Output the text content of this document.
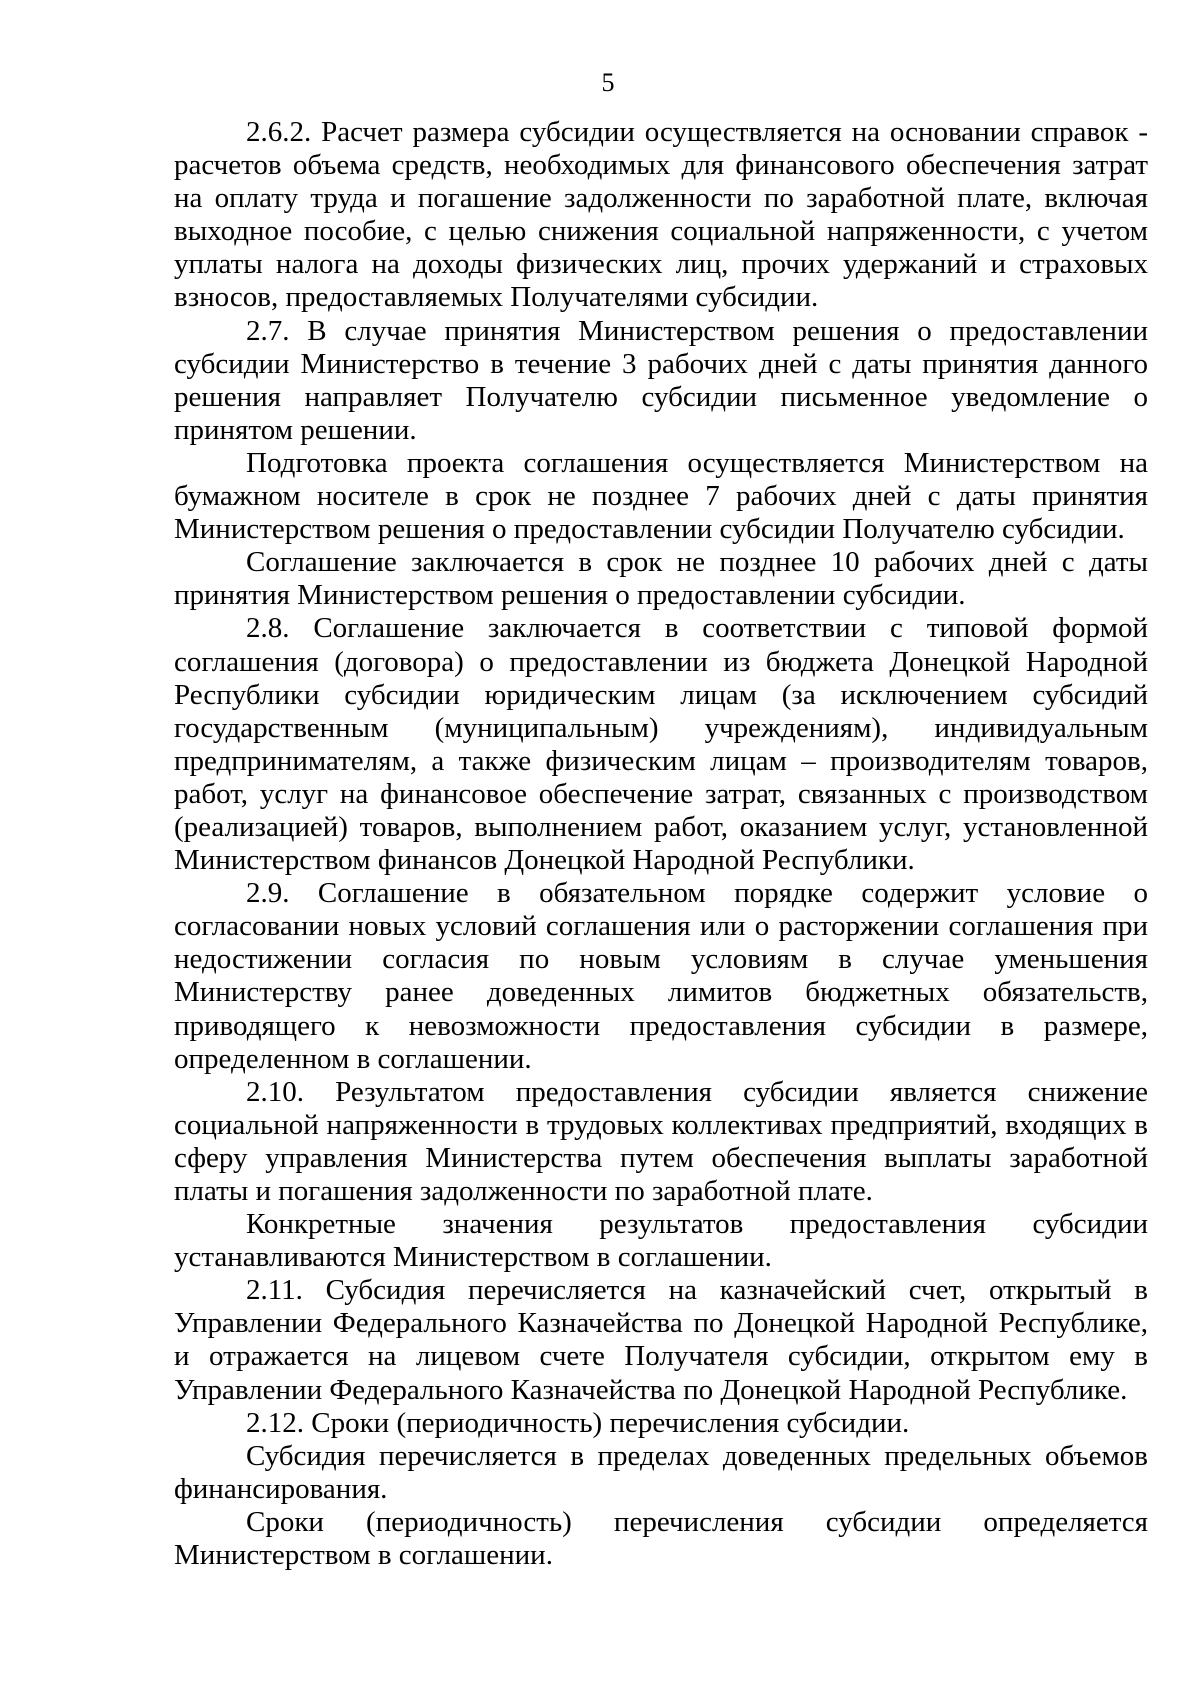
5

2.6.2. Расчет размера субсидии осуществляется на основании справок - расчетов объема средств, необходимых для финансового обеспечения затрат на оплату труда и погашение задолженности по заработной плате, включая выходное пособие, с целью снижения социальной напряженности, с учетом уплаты налога на доходы физических лиц, прочих удержаний и страховых взносов, предоставляемых Получателями субсидии.

2.7. В случае принятия Министерством решения о предоставлении субсидии Министерство в течение 3 рабочих дней с даты принятия данного решения направляет Получателю субсидии письменное уведомление о принятом решении.

Подготовка проекта соглашения осуществляется Министерством на бумажном носителе в срок не позднее 7 рабочих дней с даты принятия Министерством решения о предоставлении субсидии Получателю субсидии.

Соглашение заключается в срок не позднее 10 рабочих дней с даты принятия Министерством решения о предоставлении субсидии.

2.8. Соглашение заключается в соответствии с типовой формой соглашения (договора) о предоставлении из бюджета Донецкой Народной Республики субсидии юридическим лицам (за исключением субсидий государственным (муниципальным) учреждениям), индивидуальным предпринимателям, а также физическим лицам – производителям товаров, работ, услуг на финансовое обеспечение затрат, связанных с производством (реализацией) товаров, выполнением работ, оказанием услуг, установленной Министерством финансов Донецкой Народной Республики.

2.9. Соглашение в обязательном порядке содержит условие о согласовании новых условий соглашения или о расторжении соглашения при недостижении согласия по новым условиям в случае уменьшения Министерству ранее доведенных лимитов бюджетных обязательств, приводящего к невозможности предоставления субсидии в размере, определенном в соглашении.

2.10. Результатом предоставления субсидии является снижение социальной напряженности в трудовых коллективах предприятий, входящих в сферу управления Министерства путем обеспечения выплаты заработной платы и погашения задолженности по заработной плате.

Конкретные значения результатов предоставления субсидии устанавливаются Министерством в соглашении.

2.11. Субсидия перечисляется на казначейский счет, открытый в Управлении Федерального Казначейства по Донецкой Народной Республике, и отражается на лицевом счете Получателя субсидии, открытом ему в Управлении Федерального Казначейства по Донецкой Народной Республике.

2.12. Сроки (периодичность) перечисления субсидии.

Субсидия перечисляется в пределах доведенных предельных объемов финансирования.

Сроки (периодичность) перечисления субсидии определяется Министерством в соглашении.
